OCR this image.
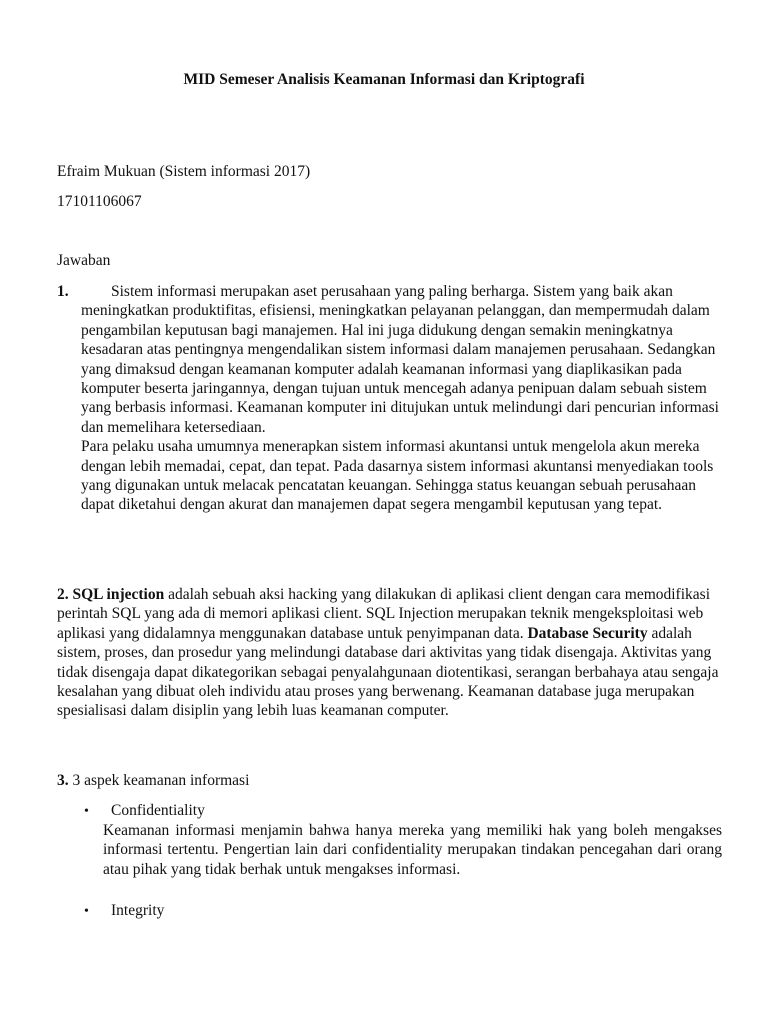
MID Semeser Analisis Keamanan Informasi dan Kriptografi
Efraim Mukuan (Sistem informasi 2017)
17101106067
Jawaban
1.	Sistem informasi merupakan aset perusahaan yang paling berharga. Sistem yang baik akan meningkatkan produktifitas, efisiensi, meningkatkan pelayanan pelanggan, dan mempermudah dalam pengambilan keputusan bagi manajemen. Hal ini juga didukung dengan semakin meningkatnya kesadaran atas pentingnya mengendalikan sistem informasi dalam manajemen perusahaan. Sedangkan yang dimaksud dengan keamanan komputer adalah keamanan informasi yang diaplikasikan pada komputer beserta jaringannya, dengan tujuan untuk mencegah adanya penipuan dalam sebuah sistem yang berbasis informasi. Keamanan komputer ini ditujukan untuk melindungi dari pencurian informasi dan memelihara ketersediaan.

Para pelaku usaha umumnya menerapkan sistem informasi akuntansi untuk mengelola akun mereka dengan lebih memadai, cepat, dan tepat. Pada dasarnya sistem informasi akuntansi menyediakan tools yang digunakan untuk melacak pencatatan keuangan. Sehingga status keuangan sebuah perusahaan dapat diketahui dengan akurat dan manajemen dapat segera mengambil keputusan yang tepat.

2. SQL injection adalah sebuah aksi hacking yang dilakukan di aplikasi client dengan cara memodifikasi perintah SQL yang ada di memori aplikasi client. SQL Injection merupakan teknik mengeksploitasi web aplikasi yang didalamnya menggunakan database untuk penyimpanan data. Database Security adalah sistem, proses, dan prosedur yang melindungi database dari aktivitas yang tidak disengaja. Aktivitas yang tidak disengaja dapat dikategorikan sebagai penyalahgunaan diotentikasi, serangan berbahaya atau sengaja kesalahan yang dibuat oleh individu atau proses yang berwenang. Keamanan database juga merupakan spesialisasi dalam disiplin yang lebih luas keamanan computer.

3. 3 aspek keamanan informasi
• Confidentiality

Keamanan informasi menjamin bahwa hanya mereka yang memiliki hak yang boleh mengakses informasi tertentu. Pengertian lain dari confidentiality merupakan tindakan pencegahan dari orang atau pihak yang tidak berhak untuk mengakses informasi.

• Integrity
